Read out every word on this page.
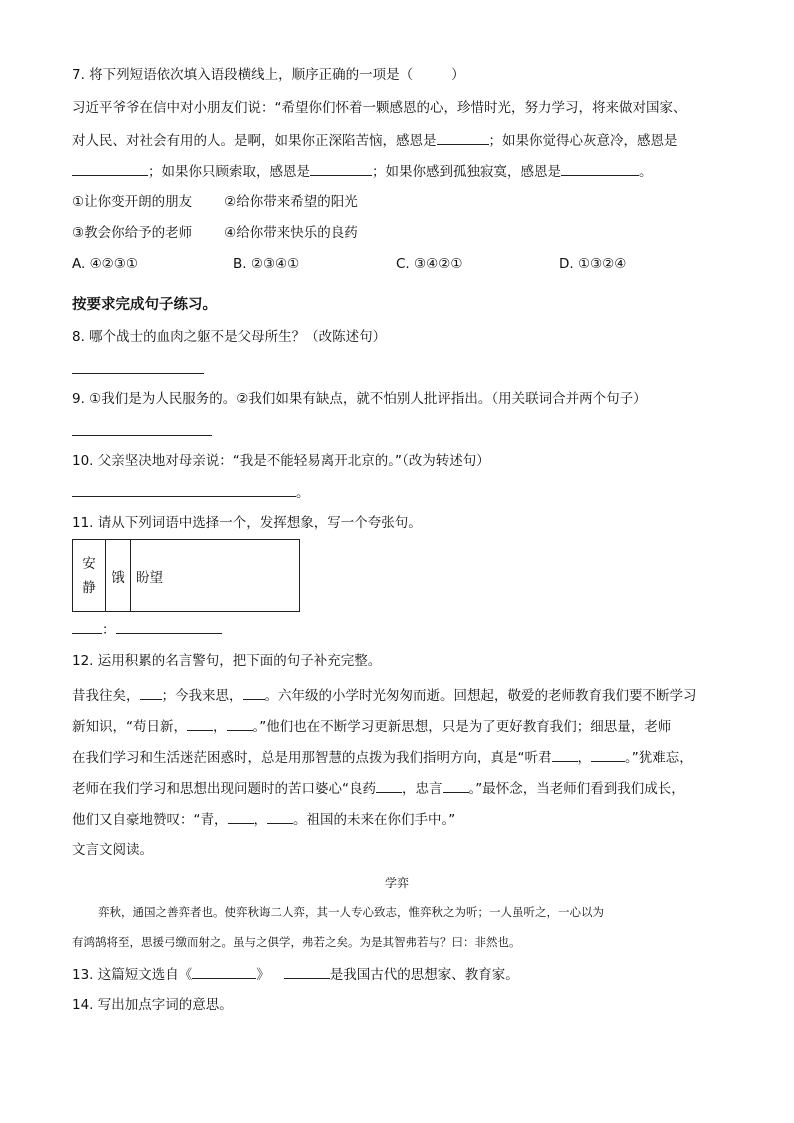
7. 将下列短语依次填入语段横线上，顺序正确的一项是（	）
习近平爷爷在信中对小朋友们说：“希望你们怀着一颗感恩的心，珍惜时光，努力学习，将来做对国家、
对人民、对社会有用的人。是啊，如果你正深陷苦恼，感恩是	；如果你觉得心灰意冷，感恩是
；如果你只顾索取，感恩是	；如果你感到孤独寂寞，感恩是	。
①让你变开朗的朋友 ②给你带来希望的阳光
③教会你给予的老师 ④给你带来快乐的良药
A. ④②③①	B. ②③④①	C. ③④②①	D. ①③②④
按要求完成句子练习。
8. 哪个战士的血肉之躯不是父母所生？（改陈述句）
9. ①我们是为人民服务的。②我们如果有缺点，就不怕别人批评指出。（用关联词合并两个句子）
10. 父亲坚决地对母亲说：“我是不能轻易离开北京的。”（改为转述句）
。
11. 请从下列词语中选择一个，发挥想象，写一个夸张句。
安
静
	饿	盼望
：
12. 运用积累的名言警句，把下面的句子补充完整。
昔我往矣， ；今我来思， 。六年级的小学时光匆匆而逝。回想起，敬爱的老师教育我们要不断学习
新知识，“苟日新， ， 。”他们也在不断学习更新思想，只是为了更好教育我们；细思量，老师
在我们学习和生活迷茫困惑时，总是用那智慧的点拨为我们指明方向，真是“听君 ，	。”犹难忘，
老师在我们学习和思想出现问题时的苦口婆心“良药 ，忠言 。”最怀念，当老师们看到我们成长，
他们又自豪地赞叹：“青， ， 。祖国的未来在你们手中。”
文言文阅读。
学弈
弈秋，通国之善弈者也。使弈秋诲二人弈，其一人专心致志，惟弈秋之为听；一人虽听之，一心以为
有鸿鹄将至，思援弓缴而射之。虽与之俱学，弗若之矣。为是其智弗若与？曰：非然也。
13. 这篇短文选自《	》	是我国古代的思想家、教育家。
14. 写出加点字词的意思。
